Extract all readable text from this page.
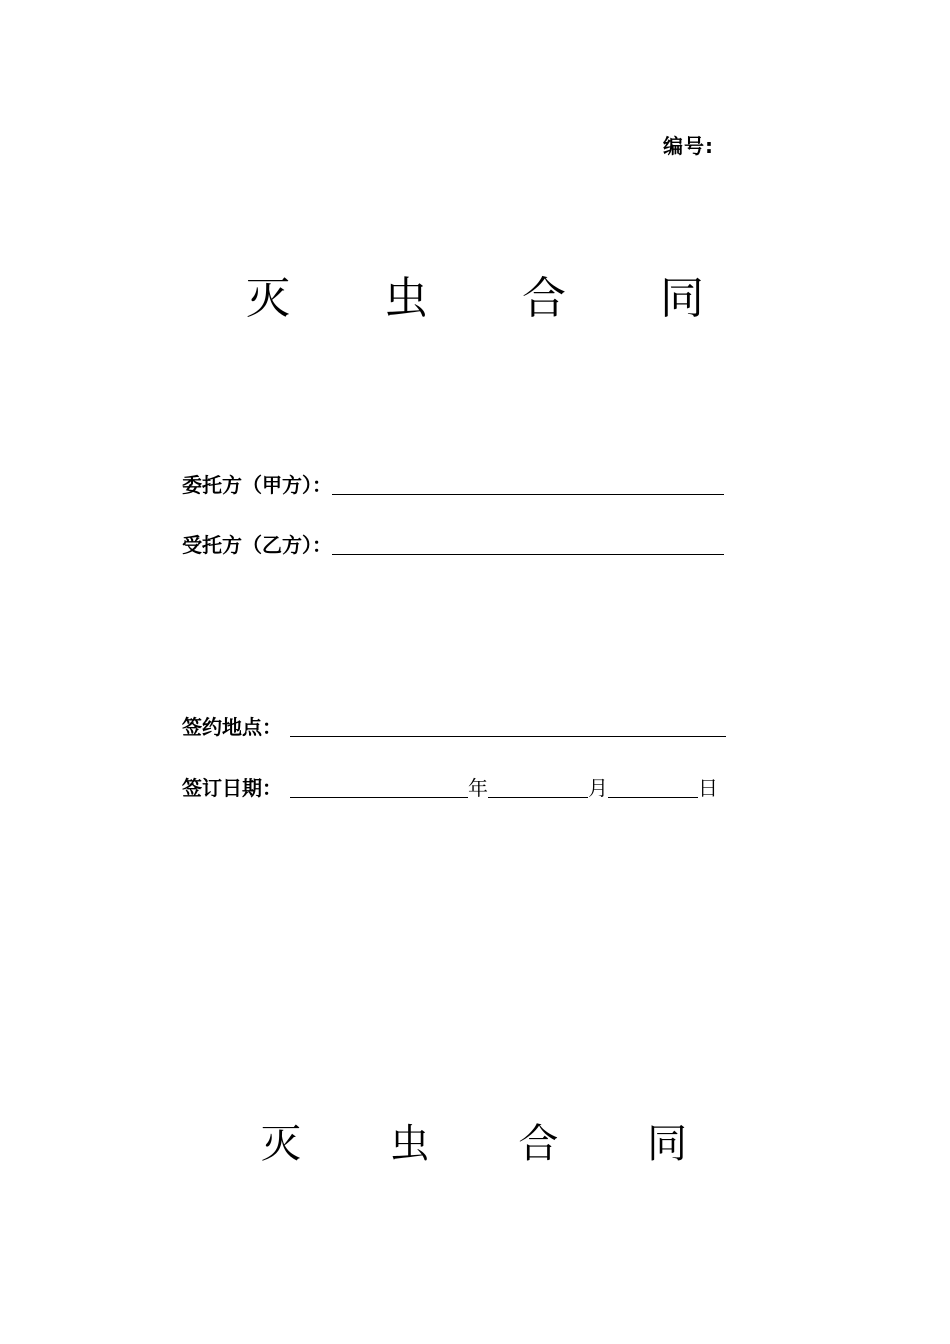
编号:
灭 虫 合 同
委托方（甲方）：
受托方（乙方）：
签约地点：
签订日期：	年	月	日
灭 虫 合 同
